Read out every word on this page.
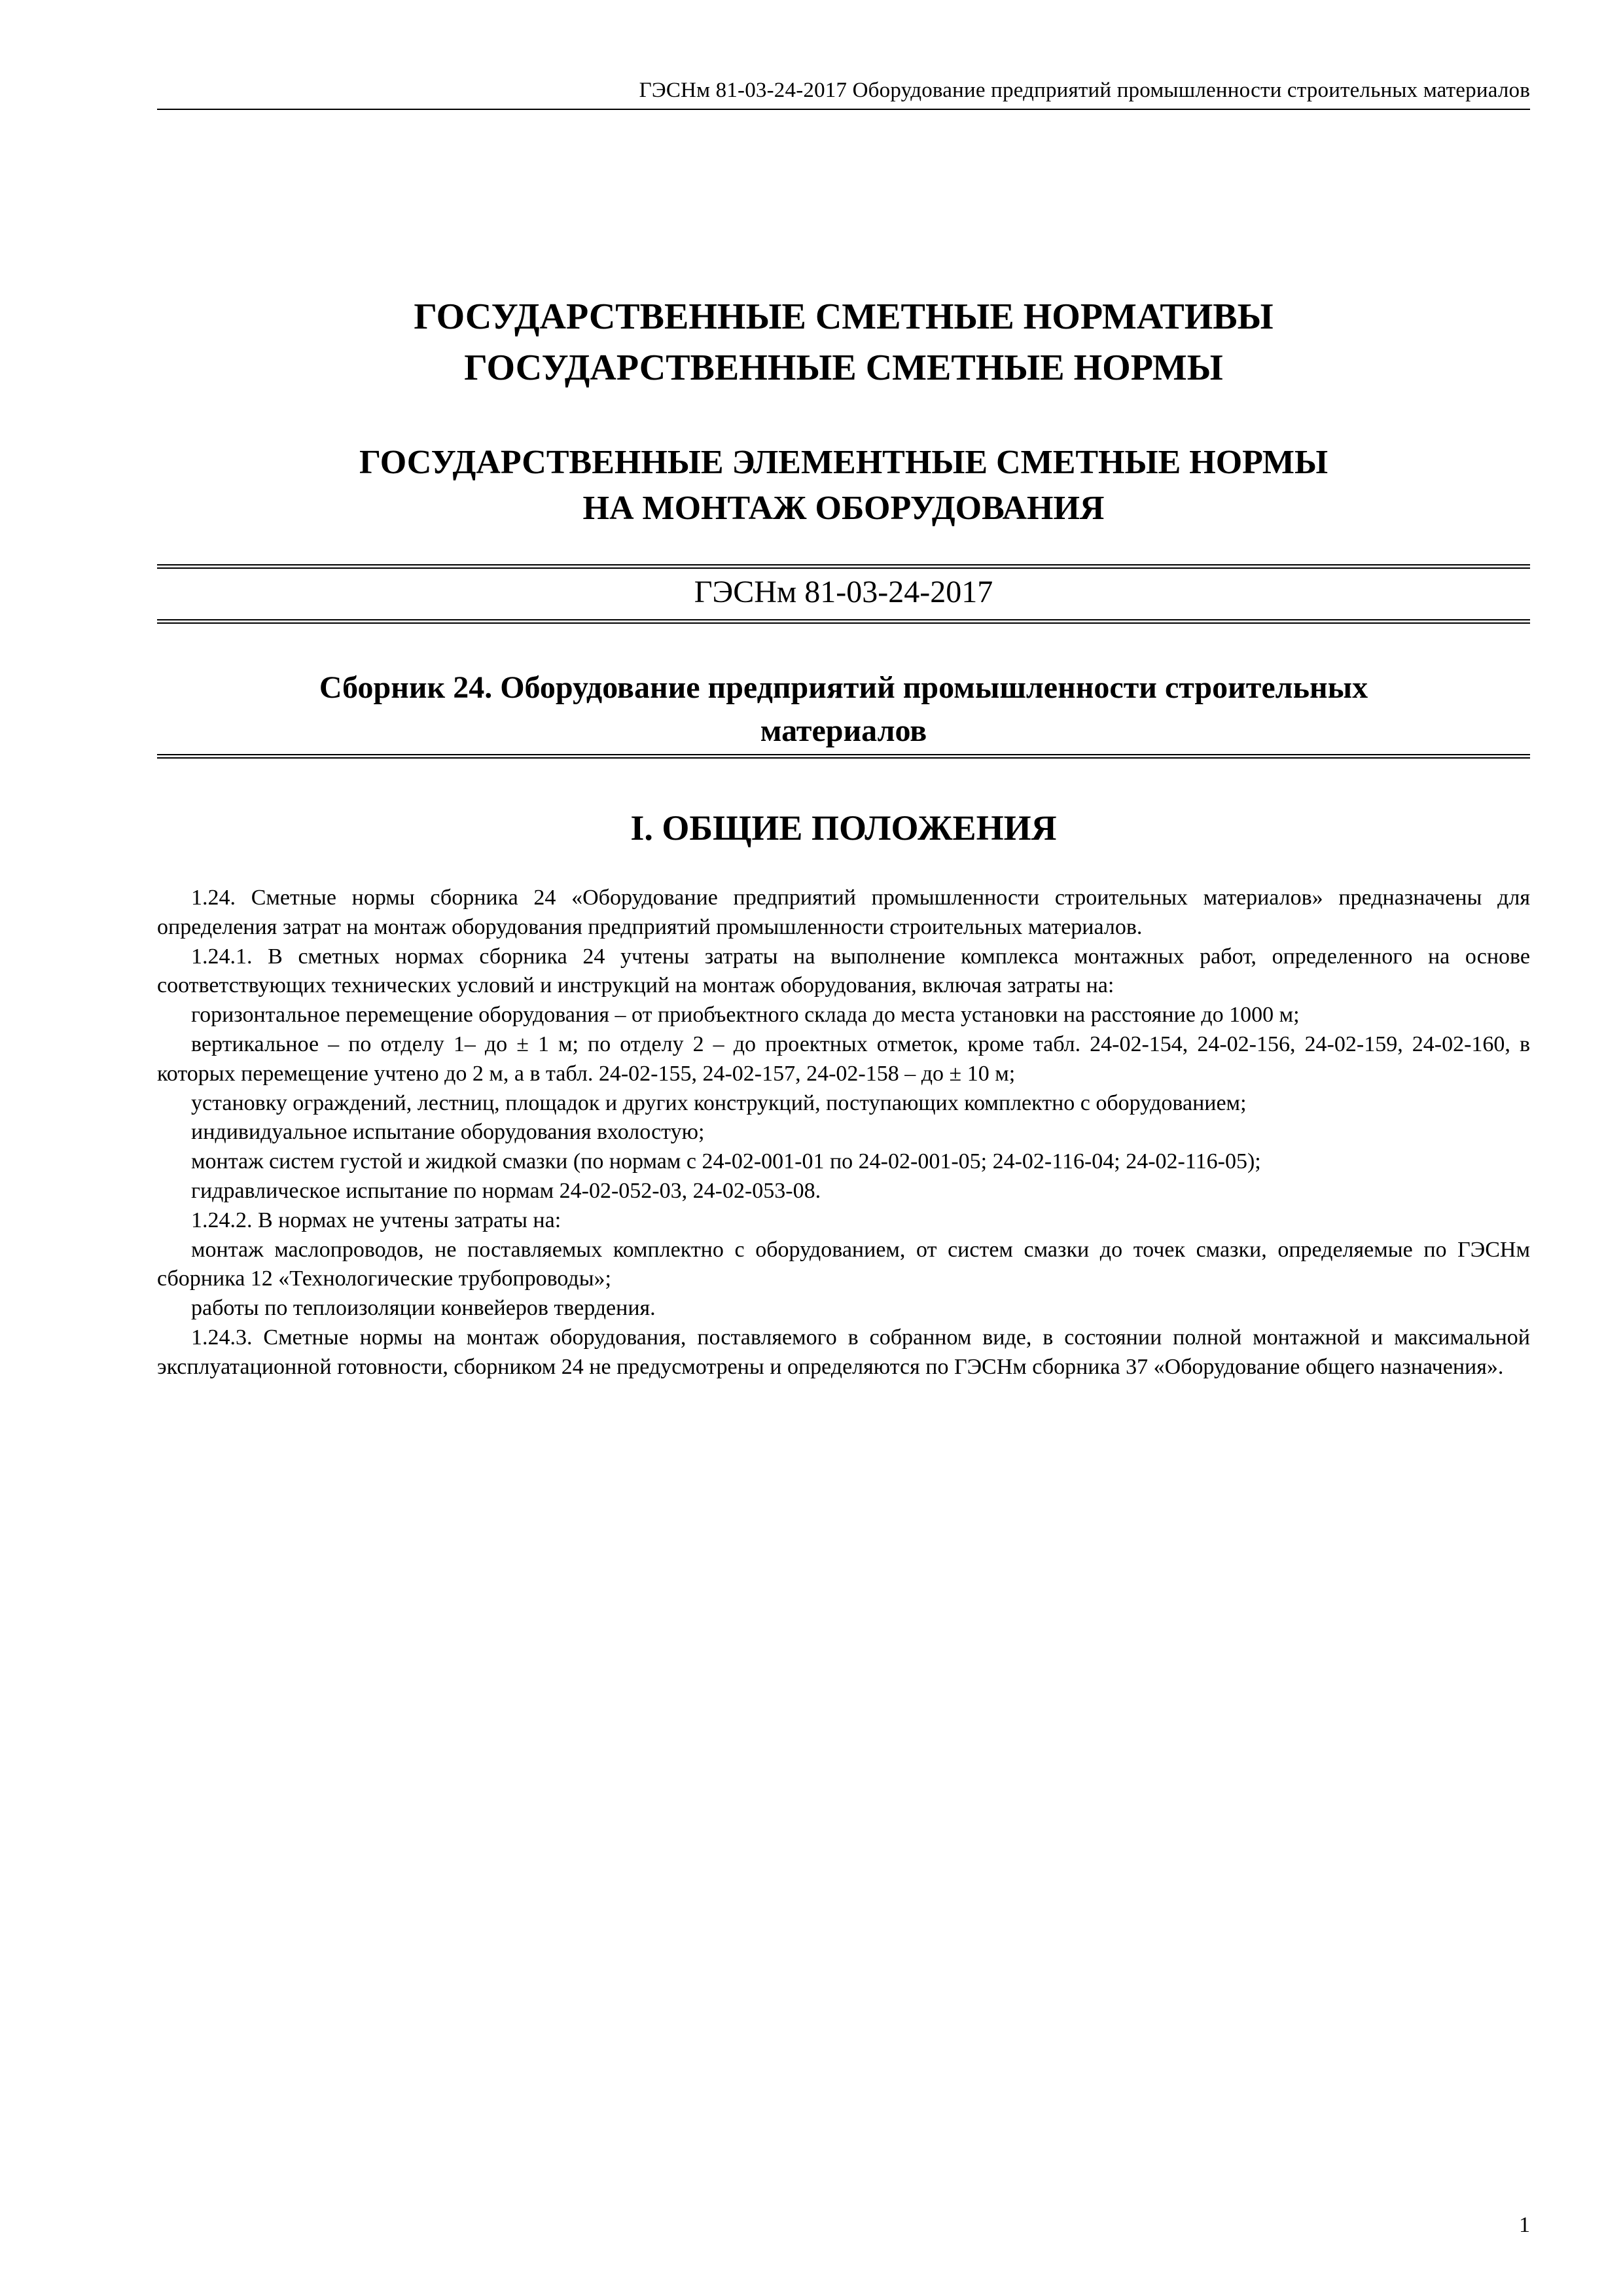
ГЭСНм 81-03-24-2017 Оборудование предприятий промышленности строительных материалов
ГОСУДАРСТВЕННЫЕ СМЕТНЫЕ НОРМАТИВЫ
ГОСУДАРСТВЕННЫЕ СМЕТНЫЕ НОРМЫ
ГОСУДАРСТВЕННЫЕ ЭЛЕМЕНТНЫЕ СМЕТНЫЕ НОРМЫ
НА МОНТАЖ ОБОРУДОВАНИЯ
ГЭСНм 81-03-24-2017
Сборник 24. Оборудование предприятий промышленности строительных
материалов
I. ОБЩИЕ ПОЛОЖЕНИЯ

1.24. Сметные нормы сборника 24 «Оборудование предприятий промышленности строительных материалов» предназначены для определения затрат на монтаж оборудования предприятий промышленности строительных материалов.

1.24.1. В сметных нормах сборника 24 учтены затраты на выполнение комплекса монтажных работ, определенного на основе соответствующих технических условий и инструкций на монтаж оборудования, включая затраты на:

горизонтальное перемещение оборудования – от приобъектного склада до места установки на расстояние до 1000 м;

вертикальное – по отделу 1– до ± 1 м; по отделу 2 – до проектных отметок, кроме табл. 24-02-154, 24-02-156, 24-02-159, 24-02-160, в которых перемещение учтено до 2 м, а в табл. 24-02-155, 24-02-157, 24-02-158 – до ± 10 м;

установку ограждений, лестниц, площадок и других конструкций, поступающих комплектно с оборудованием;

индивидуальное испытание оборудования вхолостую;

монтаж систем густой и жидкой смазки (по нормам с 24-02-001-01 по 24-02-001-05; 24-02-116-04; 24-02-116-05);

гидравлическое испытание по нормам 24-02-052-03, 24-02-053-08.

1.24.2. В нормах не учтены затраты на:

монтаж маслопроводов, не поставляемых комплектно с оборудованием, от систем смазки до точек смазки, определяемые по ГЭСНм сборника 12 «Технологические трубопроводы»;

работы по теплоизоляции конвейеров твердения.

1.24.3. Сметные нормы на монтаж оборудования, поставляемого в собранном виде, в состоянии полной монтажной и максимальной эксплуатационной готовности, сборником 24 не предусмотрены и определяются по ГЭСНм сборника 37 «Оборудование общего назначения».

1
